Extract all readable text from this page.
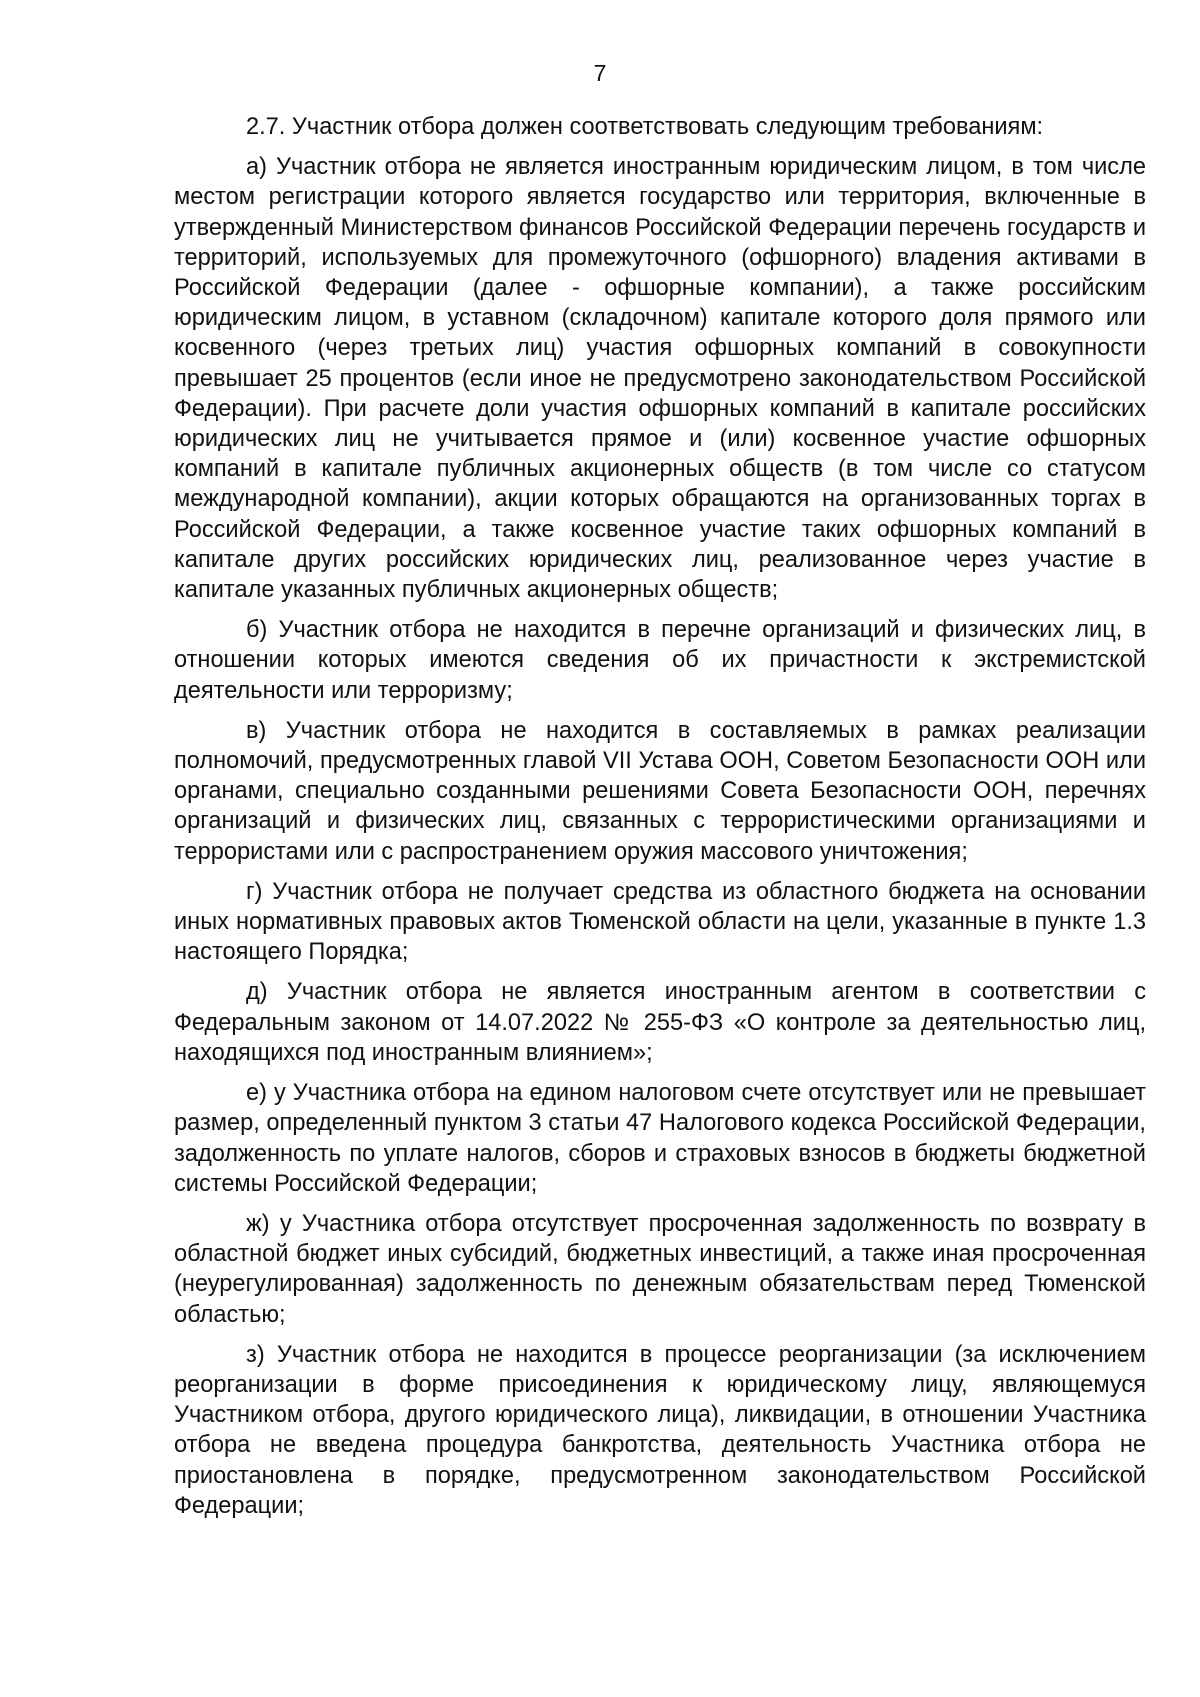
7

2.7. Участник отбора должен соответствовать следующим требованиям:

а) Участник отбора не является иностранным юридическим лицом, в том числе местом регистрации которого является государство или территория, включенные в утвержденный Министерством финансов Российской Федерации перечень государств и территорий, используемых для промежуточного (офшорного) владения активами в Российской Федерации (далее - офшорные компании), а также российским юридическим лицом, в уставном (складочном) капитале которого доля прямого или косвенного (через третьих лиц) участия офшорных компаний в совокупности превышает 25 процентов (если иное не предусмотрено законодательством Российской Федерации). При расчете доли участия офшорных компаний в капитале российских юридических лиц не учитывается прямое и (или) косвенное участие офшорных компаний в капитале публичных акционерных обществ (в том числе со статусом международной компании), акции которых обращаются на организованных торгах в Российской Федерации, а также косвенное участие таких офшорных компаний в капитале других российских юридических лиц, реализованное через участие в капитале указанных публичных акционерных обществ;

б) Участник отбора не находится в перечне организаций и физических лиц, в отношении которых имеются сведения об их причастности к экстремистской деятельности или терроризму;

в) Участник отбора не находится в составляемых в рамках реализации полномочий, предусмотренных главой VII Устава ООН, Советом Безопасности ООН или органами, специально созданными решениями Совета Безопасности ООН, перечнях организаций и физических лиц, связанных с террористическими организациями и террористами или с распространением оружия массового уничтожения;

г) Участник отбора не получает средства из областного бюджета на основании иных нормативных правовых актов Тюменской области на цели, указанные в пункте 1.3 настоящего Порядка;

д) Участник отбора не является иностранным агентом в соответствии с Федеральным законом от 14.07.2022 № 255-ФЗ «О контроле за деятельностью лиц, находящихся под иностранным влиянием»;

е) у Участника отбора на едином налоговом счете отсутствует или не превышает размер, определенный пунктом 3 статьи 47 Налогового кодекса Российской Федерации, задолженность по уплате налогов, сборов и страховых взносов в бюджеты бюджетной системы Российской Федерации;

ж) у Участника отбора отсутствует просроченная задолженность по возврату в областной бюджет иных субсидий, бюджетных инвестиций, а также иная просроченная (неурегулированная) задолженность по денежным обязательствам перед Тюменской областью;

з) Участник отбора не находится в процессе реорганизации (за исключением реорганизации в форме присоединения к юридическому лицу, являющемуся Участником отбора, другого юридического лица), ликвидации, в отношении Участника отбора не введена процедура банкротства, деятельность Участника отбора не приостановлена в порядке, предусмотренном законодательством Российской Федерации;
